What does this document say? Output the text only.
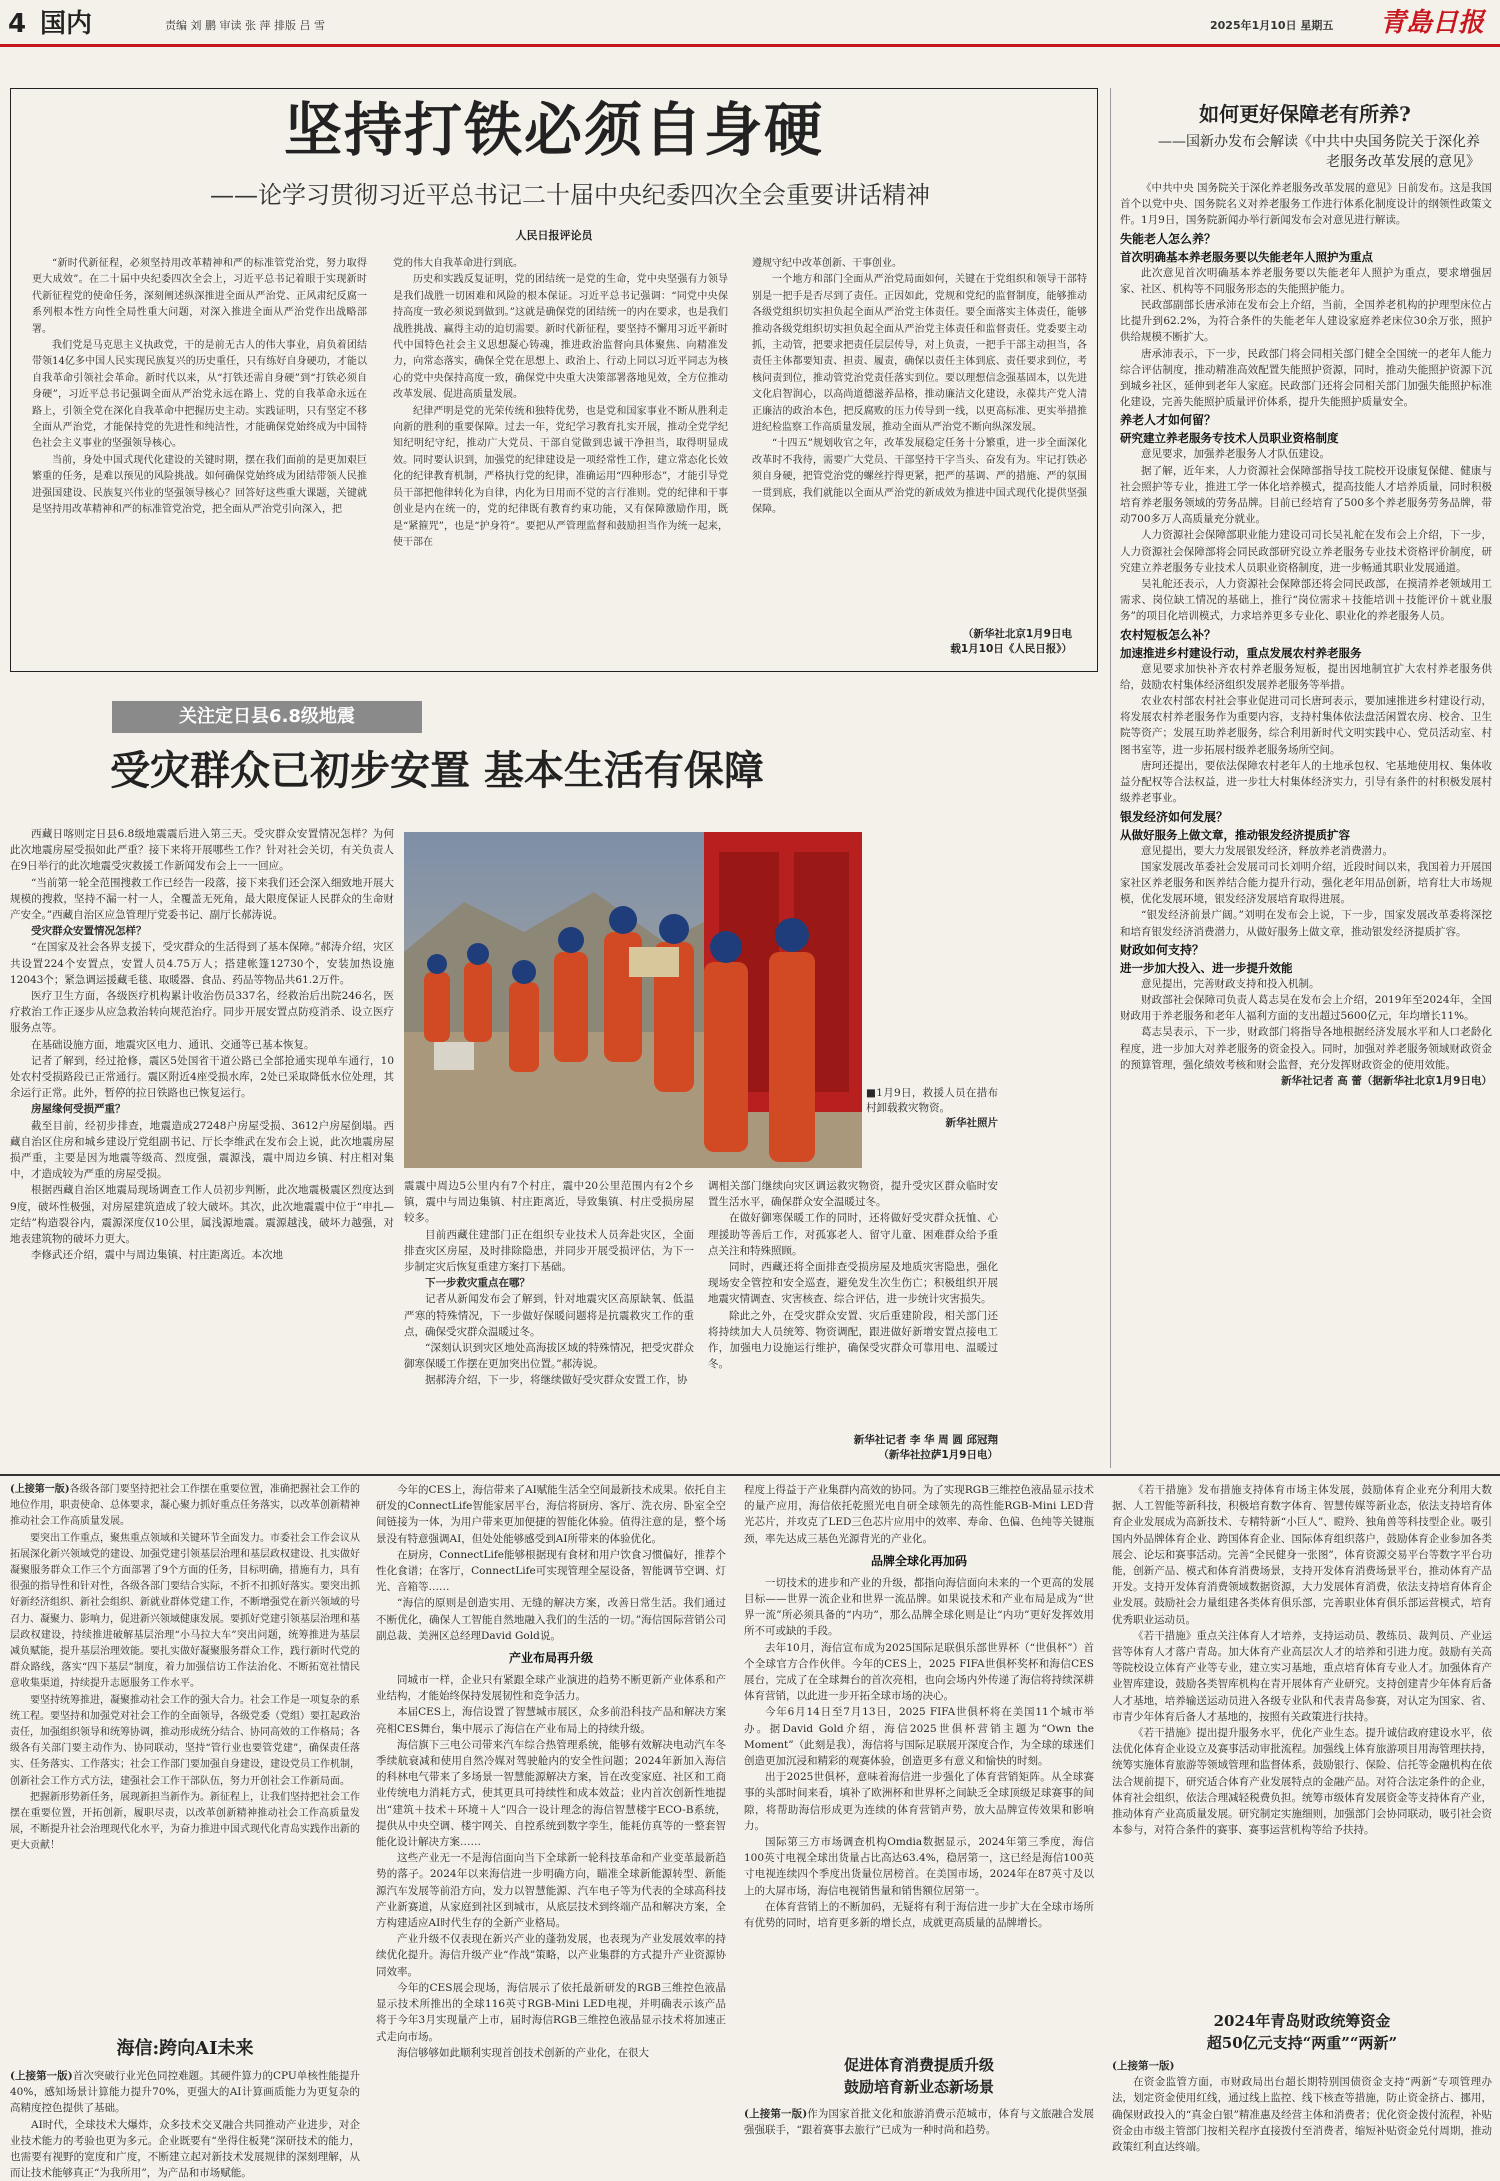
4 国内	责编 刘 鹏 审读 张 萍 排版 吕 雪	2025年1月10日 星期五 青島日报
坚持打铁必须自身硬
——论学习贯彻习近平总书记二十届中央纪委四次全会重要讲话精神
人民日报评论员

“新时代新征程，必须坚持用改革精神和严的标准管党治党，努力取得更大成效”。在二十届中央纪委四次全会上，习近平总书记着眼于实现新时代新征程党的使命任务，深刻阐述纵深推进全面从严治党、正风肃纪反腐一系列根本性方向性全局性重大问题，对深入推进全面从严治党作出战略部署。

我们党是马克思主义执政党，干的是前无古人的伟大事业，肩负着团结带领14亿多中国人民实现民族复兴的历史重任，只有练好自身硬功，才能以自我革命引领社会革命。新时代以来，从“打铁还需自身硬”到“打铁必须自身硬”，习近平总书记强调全面从严治党永远在路上、党的自我革命永远在路上，引领全党在深化自我革命中把握历史主动。实践证明，只有坚定不移全面从严治党，才能保持党的先进性和纯洁性，才能确保党始终成为中国特色社会主义事业的坚强领导核心。

当前，身处中国式现代化建设的关键时期，摆在我们面前的是更加艰巨繁重的任务，是难以预见的风险挑战。如何确保党始终成为团结带领人民推进强国建设、民族复兴伟业的坚强领导核心？回答好这些重大课题，关键就是坚持用改革精神和严的标准管党治党，把全面从严治党引向深入，把

党的伟大自我革命进行到底。

历史和实践反复证明，党的团结统一是党的生命，党中央坚强有力领导是我们战胜一切困难和风险的根本保证。习近平总书记强调：“同党中央保持高度一致必须说到做到。”这就是确保党的团结统一的内在要求，也是我们战胜挑战、赢得主动的迫切需要。新时代新征程，要坚持不懈用习近平新时代中国特色社会主义思想凝心铸魂，推进政治监督向具体聚焦、向精准发力，向常态落实，确保全党在思想上、政治上、行动上同以习近平同志为核心的党中央保持高度一致，确保党中央重大决策部署落地见效，全方位推动改革发展、促进高质量发展。

纪律严明是党的光荣传统和独特优势，也是党和国家事业不断从胜利走向新的胜利的重要保障。过去一年，党纪学习教育扎实开展，推动全党学纪知纪明纪守纪，推动广大党员、干部自觉做到忠诚干净担当，取得明显成效。同时要认识到，加强党的纪律建设是一项经常性工作，建立常态化长效化的纪律教育机制，严格执行党的纪律，准确运用“四种形态”，才能引导党员干部把他律转化为自律，内化为日用而不觉的言行准则。党的纪律和干事创业是内在统一的，党的纪律既有教育约束功能，又有保障激励作用，既是“紧箍咒”，也是“护身符”。要把从严管理监督和鼓励担当作为统一起来，使干部在

遵规守纪中改革创新、干事创业。

一个地方和部门全面从严治党局面如何，关键在于党组织和领导干部特别是一把手是否尽到了责任。正因如此，党规和党纪的监督制度，能够推动各级党组织切实担负起全面从严治党主体责任。要全面落实主体责任，能够推动各级党组织切实担负起全面从严治党主体责任和监督责任。党委要主动抓，主动管，把要求把责任层层传导，对上负责，一把手干部主动担当，各责任主体都要知责、担责、履责，确保以责任主体到底、责任要求到位，考核问责到位，推动管党治党责任落实到位。要以理想信念强基固本，以先进文化启智润心，以高尚道德滋养品格，推动廉洁文化建设，永葆共产党人清正廉洁的政治本色，把反腐败的压力传导到一线，以更高标准、更实举措推进纪检监察工作高质量发展，推动全面从严治党不断向纵深发展。

“十四五”规划收官之年，改革发展稳定任务十分繁重，进一步全面深化改革时不我待，需要广大党员、干部坚持干字当头、奋发有为。牢记打铁必须自身硬，把管党治党的螺丝拧得更紧，把严的基调、严的措施、严的氛围一贯到底，我们就能以全面从严治党的新成效为推进中国式现代化提供坚强保障。

（新华社北京1月9日电
载1月10日《人民日报》）
关注定日县6.8级地震
受灾群众已初步安置 基本生活有保障

西藏日喀则定日县6.8级地震震后进入第三天。受灾群众安置情况怎样？为何此次地震房屋受损如此严重？接下来将开展哪些工作？针对社会关切，有关负责人在9日举行的此次地震受灾救援工作新闻发布会上一一回应。

“当前第一轮全范围搜救工作已经告一段落，接下来我们还会深入细致地开展大规模的搜救，坚持不漏一村一人，全覆盖无死角，最大限度保证人民群众的生命财产安全。”西藏自治区应急管理厅党委书记、副厅长郝涛说。

受灾群众安置情况怎样？

“在国家及社会各界支援下，受灾群众的生活得到了基本保障。”郝涛介绍，灾区共设置224个安置点，安置人员4.75万人；搭建帐篷12730个，安装加热设施12043个；紧急调运援藏毛毯、取暖器、食品、药品等物品共61.2万件。

医疗卫生方面，各级医疗机构累计收治伤员337名，经救治后出院246名，医疗救治工作正逐步从应急救治转向规范治疗。同步开展安置点防疫消杀、设立医疗服务点等。

在基础设施方面，地震灾区电力、通讯、交通等已基本恢复。

记者了解到，经过抢修，震区5处国省干道公路已全部抢通实现单车通行，10处农村受损路段已正常通行。震区附近4座受损水库，2处已采取降低水位处理，其余运行正常。此外，暂停的拉日铁路也已恢复运行。

房屋缘何受损严重？

截至目前，经初步排查，地震造成27248户房屋受损、3612户房屋倒塌。西藏自治区住房和城乡建设厅党组副书记、厅长李维武在发布会上说，此次地震房屋损严重，主要是因为地震等级高、烈度强，震源浅，震中周边乡镇、村庄相对集中，才造成较为严重的房屋受损。

根据西藏自治区地震局现场调查工作人员初步判断，此次地震极震区烈度达到9度，破坏性极强，对房屋建筑造成了较大破坏。其次，此次地震震中位于“申扎—定结”构造裂谷内，震源深度仅10公里，属浅源地震。震源越浅，破坏力越强，对地表建筑物的破坏力更大。

李修武还介绍，震中与周边集镇、村庄距离近。本次地

■1月9日，救援人员在措布村卸载救灾物资。

新华社照片

震震中周边5公里内有7个村庄，震中20公里范围内有2个乡镇，震中与周边集镇、村庄距离近，导致集镇、村庄受损房屋较多。

目前西藏住建部门正在组织专业技术人员奔赴灾区，全面排查灾区房屋，及时排除隐患，并同步开展受损评估，为下一步制定灾后恢复重建方案打下基础。

下一步救灾重点在哪？

记者从新闻发布会了解到，针对地震灾区高原缺氧、低温严寒的特殊情况，下一步做好保暖问题将是抗震救灾工作的重点，确保受灾群众温暖过冬。

“深刻认识到灾区地处高海拔区域的特殊情况，把受灾群众御寒保暖工作摆在更加突出位置。”郝涛说。

据郝涛介绍，下一步，将继续做好受灾群众安置工作，协

调相关部门继续向灾区调运救灾物资，提升受灾区群众临时安置生活水平，确保群众安全温暖过冬。

在做好御寒保暖工作的同时，还将做好受灾群众抚恤、心理援助等善后工作，对孤寡老人、留守儿童、困难群众给予重点关注和特殊照顾。

同时，西藏还将全面排查受损房屋及地质灾害隐患，强化现场安全管控和安全巡查，避免发生次生伤亡；积极组织开展地震灾情调查、灾害核查、综合评估，进一步统计灾害损失。

除此之外，在受灾群众安置、灾后重建阶段，相关部门还将持续加大人员统筹、物资调配，跟进做好新增安置点接电工作，加强电力设施运行维护，确保受灾群众可靠用电、温暖过冬。

新华社记者 李 华 周 圆 邱冠翔
（新华社拉萨1月9日电）
如何更好保障老有所养?
——国新办发布会解读《中共中央国务院关于深化养老服务改革发展的意见》

《中共中央 国务院关于深化养老服务改革发展的意见》日前发布。这是我国首个以党中央、国务院名义对养老服务工作进行体系化制度设计的纲领性政策文件。1月9日，国务院新闻办举行新闻发布会对意见进行解读。

失能老人怎么养？
首次明确基本养老服务要以失能老年人照护为重点

此次意见首次明确基本养老服务要以失能老年人照护为重点，要求增强居家、社区、机构等不同服务形态的失能照护能力。

民政部副部长唐承沛在发布会上介绍，当前，全国养老机构的护理型床位占比提升到62.2%，为符合条件的失能老年人建设家庭养老床位30余万张，照护供给规模不断扩大。

唐承沛表示，下一步，民政部门将会同相关部门健全全国统一的老年人能力综合评估制度，推动精准高效配置失能照护资源，同时，推动失能照护资源下沉到城乡社区，延伸到老年人家庭。民政部门还将会同相关部门加强失能照护标准化建设，完善失能照护质量评价体系，提升失能照护质量安全。

养老人才如何留？
研究建立养老服务专技术人员职业资格制度

意见要求，加强养老服务人才队伍建设。

据了解，近年来，人力资源社会保障部指导技工院校开设康复保健、健康与社会照护等专业，推进工学一体化培养模式，提高技能人才培养质量，同时积极培育养老服务领域的劳务品牌。目前已经培育了500多个养老服务劳务品牌，带动700多万人高质量充分就业。

人力资源社会保障部职业能力建设司司长吴礼舵在发布会上介绍，下一步，人力资源社会保障部将会同民政部研究设立养老服务专业技术资格评价制度，研究建立养老服务专业技术人员职业资格制度，进一步畅通其职业发展通道。

吴礼舵还表示，人力资源社会保障部还将会同民政部，在摸清养老领域用工需求、岗位缺工情况的基础上，推行“岗位需求＋技能培训＋技能评价＋就业服务”的项目化培训模式，力求培养更多专业化、职业化的养老服务人员。

农村短板怎么补？
加速推进乡村建设行动，重点发展农村养老服务

意见要求加快补齐农村养老服务短板，提出因地制宜扩大农村养老服务供给，鼓励农村集体经济组织发展养老服务等举措。

农业农村部农村社会事业促进司司长唐珂表示，要加速推进乡村建设行动，将发展农村养老服务作为重要内容，支持村集体依法盘活闲置农房、校舍、卫生院等资产；发展互助养老服务，综合利用新时代文明实践中心、党员活动室、村图书室等，进一步拓展村级养老服务场所空间。

唐珂还提出，要依法保障农村老年人的土地承包权、宅基地使用权、集体收益分配权等合法权益，进一步壮大村集体经济实力，引导有条件的村积极发展村级养老事业。

银发经济如何发展？
从做好服务上做文章，推动银发经济提质扩容

意见提出，要大力发展银发经济，释放养老消费潜力。

国家发展改革委社会发展司司长刘明介绍，近段时间以来，我国着力开展国家社区养老服务和医养结合能力提升行动，强化老年用品创新，培育壮大市场规模，优化发展环境，银发经济发展培育取得进展。

“银发经济前景广阔。”刘明在发布会上说，下一步，国家发展改革委将深挖和培育银发经济消费潜力，从做好服务上做文章，推动银发经济提质扩容。

财政如何支持？
进一步加大投入、进一步提升效能

意见提出，完善财政支持和投入机制。

财政部社会保障司负责人葛志昊在发布会上介绍，2019年至2024年，全国财政用于养老服务和老年人福利方面的支出超过5600亿元，年均增长11%。

葛志昊表示，下一步，财政部门将指导各地根据经济发展水平和人口老龄化程度，进一步加大对养老服务的资金投入。同时，加强对养老服务领域财政资金的预算管理，强化绩效考核和财会监督，充分发挥财政资金的使用效能。

新华社记者 高 蕾（据新华社北京1月9日电）

(上接第一版)各级各部门要坚持把社会工作摆在重要位置，准确把握社会工作的地位作用，职责使命、总体要求，凝心聚力抓好重点任务落实，以改革创新精神推动社会工作高质量发展。

要突出工作重点，聚焦重点领域和关键环节全面发力。市委社会工作会议从拓展深化新兴领域党的建设、加强党建引领基层治理和基层政权建设、扎实做好凝聚服务群众工作三个方面部署了9个方面的任务，目标明确，措施有力，具有很强的指导性和针对性，各级各部门要结合实际，不折不扣抓好落实。要突出抓好新经济组织、新社会组织、新就业群体党建工作，不断增强党在新兴领域的号召力、凝聚力、影响力，促进新兴领域健康发展。要抓好党建引领基层治理和基层政权建设，持续推进破解基层治理“小马拉大车”突出问题，统筹推进为基层减负赋能，提升基层治理效能。要扎实做好凝聚服务群众工作，践行新时代党的群众路线，落实“四下基层”制度，着力加强信访工作法治化、不断拓宽社情民意收集渠道，持续提升志愿服务工作水平。

要坚持统筹推进，凝聚推动社会工作的强大合力。社会工作是一项复杂的系统工程。要坚持和加强党对社会工作的全面领导，各级党委（党组）要扛起政治责任，加强组织领导和统筹协调，推动形成统分结合、协同高效的工作格局；各级各有关部门要主动作为、协同联动，坚持“管行业也要管党建”，确保责任落实、任务落实、工作落实；社会工作部门要加强自身建设，建设党员工作机制，创新社会工作方式方法，建强社会工作干部队伍，努力开创社会工作新局面。

把握新形势新任务，展现新担当新作为。新征程上，让我们坚持把社会工作摆在重要位置，开拓创新，履职尽责，以改革创新精神推动社会工作高质量发展，不断提升社会治理现代化水平，为奋力推进中国式现代化青岛实践作出新的更大贡献！

海信:跨向AI未来

(上接第一版)首次突破行业光色同控难题。其硬件算力的CPU单核性能提升40%，感知场景计算能力提升70%，更强大的AI计算画质能力为更复杂的高精度控色提供了基础。

AI时代，全球技术大爆炸，众多技术交叉融合共同推动产业进步，对企业技术能力的考验也更为多元。企业既要有“坐得住板凳”深研技术的能力，也需要有视野的宽度和广度，不断建立起对新技术发展规律的深刻理解，从而让技术能够真正“为我所用”，为产品和市场赋能。

今年的CES上，海信带来了AI赋能生活全空间最新技术成果。依托自主研发的ConnectLife智能家居平台，海信将厨房、客厅、洗衣房、卧室全空间链接为一体，为用户带来更加便捷的智能化体验。值得注意的是，整个场景没有特意强调AI，但处处能够感受到AI所带来的体验优化。

在厨房，ConnectLife能够根据现有食材和用户饮食习惯偏好，推荐个性化食谱；在客厅，ConnectLife可实现管理全屋设备，智能调节空调、灯光、音箱等……

“海信的原则是创造实用、无缝的解决方案，改善日常生活。我们通过不断优化，确保人工智能自然地融入我们的生活的一切。”海信国际营销公司副总裁、美洲区总经理David Gold说。

产业布局再升级

同城市一样，企业只有紧跟全球产业演进的趋势不断更新产业体系和产业结构，才能始终保持发展韧性和竞争活力。

本届CES上，海信设置了智慧城市展区，众多前沿科技产品和解决方案亮相CES舞台，集中展示了海信在产业布局上的持续升级。

海信旗下三电公司带来汽车综合热管理系统，能够有效解决电动汽车冬季续航衰减和使用自然冷媒对驾驶舱内的安全性问题；2024年新加入海信的科林电气带来了多场景一智慧能源解决方案，旨在改变家庭、社区和工商业传统电力消耗方式，使其更具可持续性和成本效益；业内首次创新性地提出“建筑＋技术＋环境＋人”四合一设计理念的海信智慧楼宇ECO-B系统，提供从中央空调、楼宇网关、自控系统到数字孪生，能耗仿真等的一整套智能化设计解决方案……

这些产业无一不是海信面向当下全球新一轮科技革命和产业变革最新趋势的落子。2024年以来海信进一步明确方向，瞄准全球新能源转型、新能源汽车发展等前沿方向，发力以智慧能源、汽车电子等为代表的全球高科技产业新赛道，从家庭到社区到城市，从底层技术到终端产品和解决方案，全方构建适应AI时代生存的全新产业格局。

产业升级不仅表现在新兴产业的蓬勃发展，也表现为产业发展效率的持续优化提升。海信升级产业“作战”策略，以产业集群的方式提升产业资源协同效率。

今年的CES展会现场，海信展示了依托最新研发的RGB三维控色液晶显示技术所推出的全球116英寸RGB-Mini LED电视，并明确表示该产品将于今年3月实现量产上市，届时海信RGB三维控色液晶显示技术将加速正式走向市场。

海信够够如此顺利实现首创技术创新的产业化，在很大

程度上得益于产业集群内高效的协同。为了实现RGB三维控色液晶显示技术的量产应用，海信依托乾照光电自研全球领先的高性能RGB-Mini LED背光芯片，并攻克了LED三色芯片应用中的效率、寿命、色偏、色纯等关键瓶颈，率先达成三基色光源背光的产业化。

品牌全球化再加码

一切技术的进步和产业的升级，都指向海信面向未来的一个更高的发展目标——世界一流企业和世界一流品牌。如果说技术和产业布局是成为“世界一流”所必须具备的“内功”，那么品牌全球化则是让“内功”更好发挥效用所不可或缺的手段。

去年10月，海信宣布成为2025国际足联俱乐部世界杯（“世俱杯”）首个全球官方合作伙伴。今年的CES上，2025 FIFA世俱杯奖杯和海信CES展台，完成了在全球舞台的首次亮相，也向会场内外传递了海信将持续深耕体育营销，以此进一步开拓全球市场的决心。

今年6月14日至7月13日，2025 FIFA世俱杯将在美国11个城市举办。据David Gold介绍，海信2025世俱杯营销主题为“Own the Moment”（此刻是我），海信将与国际足联展开深度合作，为全球的球迷们创造更加沉浸和精彩的观赛体验，创造更多有意义和愉快的时刻。

出于2025世俱杯，意味着海信进一步强化了体育营销矩阵。从全球赛事的头部时间来看，填补了欧洲杯和世界杯之间缺乏全球顶级足球赛事的间隙，将帮助海信形成更为连续的体育营销声势，放大品牌宣传效果和影响力。

国际第三方市场调查机构Omdia数据显示，2024年第三季度，海信100英寸电视全球出货量占比高达63.4%，稳居第一，这已经是海信100英寸电视连续四个季度出货量位居榜首。在美国市场，2024年在87英寸及以上的大屏市场，海信电视销售量和销售额位居第一。

在体育营销上的不断加码，无疑将有利于海信进一步扩大在全球市场所有优势的同时，培育更多新的增长点，成就更高质量的品牌增长。

促进体育消费提质升级
鼓励培育新业态新场景

(上接第一版)作为国家首批文化和旅游消费示范城市，体育与文旅融合发展强强联手，“跟着赛事去旅行”已成为一种时尚和趋势。

《若干措施》发布措施支持体育市场主体发展，鼓励体育企业充分利用大数据、人工智能等新科技，积极培育数字体育、智慧传媒等新业态，依法支持培育体育企业发展成为高新技术、专精特新“小巨人”、瞪羚、独角兽等科技型企业。吸引国内外品牌体育企业、跨国体育企业、国际体育组织落户，鼓励体育企业参加各类展会、论坛和赛事活动。完善“全民健身一张图”，体育资源交易平台等数字平台功能，创新产品、模式和体育消费场景，支持开发体育消费场景平台，推动体育产品开发。支持开发体育消费领域数据资源，大力发展体育消费，依法支持培育体育企业发展。鼓励社会力量组建各类体育俱乐部，完善职业体育俱乐部运营模式，培育优秀职业运动员。

《若干措施》重点关注体育人才培养，支持运动员、教练员、裁判员、产业运营等体育人才落户青岛。加大体育产业高层次人才的培养和引进力度。鼓励有关高等院校设立体育产业等专业，建立实习基地，重点培育体育专业人才。加强体育产业智库建设，鼓励各类智库机构在青开展体育产业研究。支持创建青少年体育后备人才基地，培养输送运动员进入各级专业队和代表青岛参赛，对认定为国家、省、市青少年体育后备人才基地的，按照有关政策进行扶持。

《若干措施》提出提升服务水平，优化产业生态。提升诚信政府建设水平，依法优化体育企业设立及赛事活动审批流程。加强线上体育旅游项目用海管理扶持，统筹实施体育旅游等领域管理和监督体系，鼓励银行、保险、信托等金融机构在依法合规前提下，研究适合体育产业发展特点的金融产品。对符合法定条件的企业，体育社会组织，依法合理减轻税费负担。统筹市级体育发展资金等支持体育产业，推动体育产业高质量发展。研究制定实施细则，加强部门会协同联动，吸引社会资本参与，对符合条件的赛事、赛事运营机构等给予扶持。

2024年青岛财政统筹资金
超50亿元支持“两重”“两新”

(上接第一版)

在资金监管方面，市财政局出台超长期特别国债资金支持“两新”专项管理办法，划定资金使用红线，通过线上监控、线下核查等措施，防止资金挤占、挪用，确保财政投入的“真金白银”精准惠及经营主体和消费者；优化资金拨付流程，补贴资金由市级主管部门按相关程序直接拨付至消费者，缩短补贴资金兑付周期，推动政策红利直达终端。
